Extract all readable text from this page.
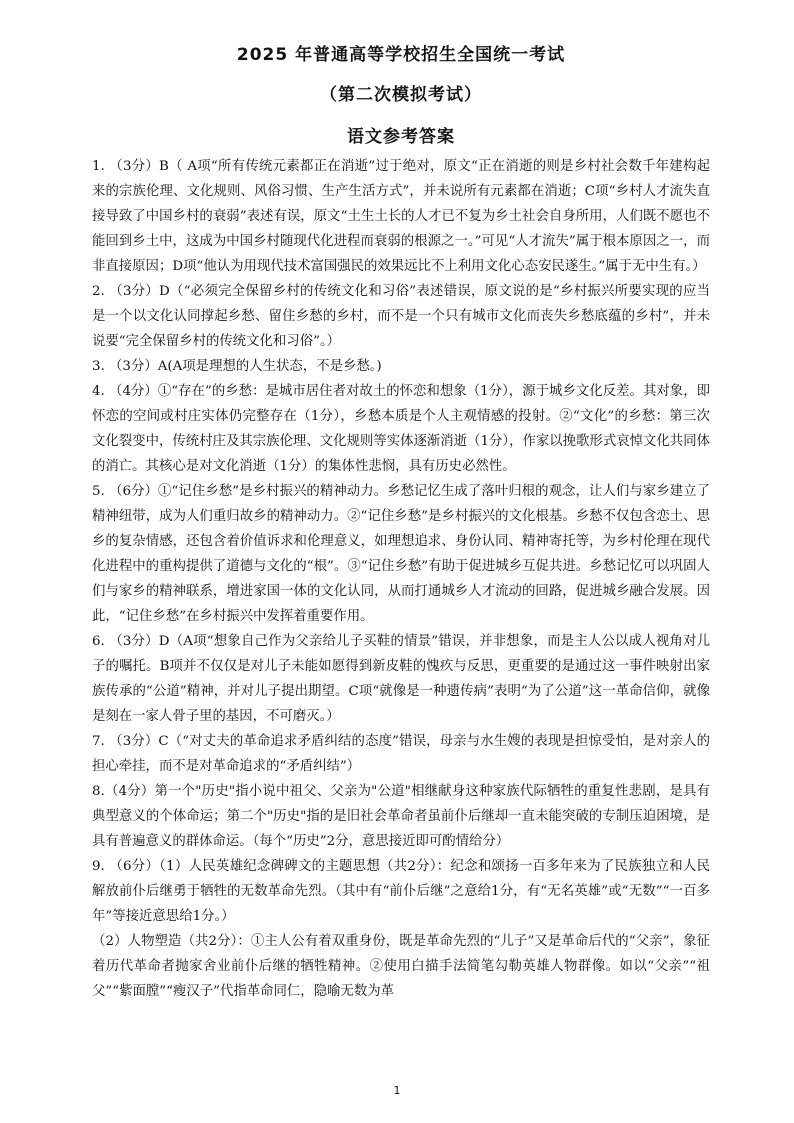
2025 年普通高等学校招生全国统一考试
（第二次模拟考试）
语文参考答案

1. （3分）B（ A项“所有传统元素都正在消逝”过于绝对，原文“正在消逝的则是乡村社会数千年建构起来的宗族伦理、文化规则、风俗习惯、生产生活方式”，并未说所有元素都在消逝；C项“乡村人才流失直接导致了中国乡村的衰弱”表述有误，原文“土生土长的人才已不复为乡土社会自身所用，人们既不愿也不能回到乡土中，这成为中国乡村随现代化进程而衰弱的根源之一。”可见“人才流失”属于根本原因之一，而非直接原因；D项“他认为用现代技术富国强民的效果远比不上利用文化心态安民遂生。”属于无中生有。）

2. （3分）D（“必须完全保留乡村的传统文化和习俗”表述错误，原文说的是“乡村振兴所要实现的应当是一个以文化认同撑起乡愁、留住乡愁的乡村，而不是一个只有城市文化而丧失乡愁底蕴的乡村”，并未说要“完全保留乡村的传统文化和习俗”。）

3. （3分）A(A项是理想的人生状态，不是乡愁。)

4. （4分）①“存在”的乡愁：是城市居住者对故土的怀恋和想象（1分），源于城乡文化反差。其对象，即怀恋的空间或村庄实体仍完整存在（1分），乡愁本质是个人主观情感的投射。②“文化”的乡愁：第三次文化裂变中，传统村庄及其宗族伦理、文化规则等实体逐渐消逝（1分），作家以挽歌形式哀悼文化共同体的消亡。其核心是对文化消逝（1分）的集体性悲悯，具有历史必然性。

5. （6分）①“记住乡愁”是乡村振兴的精神动力。乡愁记忆生成了落叶归根的观念，让人们与家乡建立了精神纽带，成为人们重归故乡的精神动力。②“记住乡愁”是乡村振兴的文化根基。乡愁不仅包含恋土、思乡的复杂情感，还包含着价值诉求和伦理意义，如理想追求、身份认同、精神寄托等，为乡村伦理在现代化进程中的重构提供了道德与文化的“根”。③“记住乡愁”有助于促进城乡互促共进。乡愁记忆可以巩固人们与家乡的精神联系，增进家国一体的文化认同，从而打通城乡人才流动的回路，促进城乡融合发展。因此，“记住乡愁”在乡村振兴中发挥着重要作用。

6. （3分）D（A项“想象自己作为父亲给儿子买鞋的情景”错误，并非想象，而是主人公以成人视角对儿子的嘱托。B项并不仅仅是对儿子未能如愿得到新皮鞋的愧疚与反思，更重要的是通过这一事件映射出家族传承的“公道”精神，并对儿子提出期望。C项“就像是一种遗传病”表明“为了公道”这一革命信仰，就像是刻在一家人骨子里的基因，不可磨灭。）

7. （3分）C（“对丈夫的革命追求矛盾纠结的态度”错误，母亲与水生嫂的表现是担惊受怕，是对亲人的担心牵挂，而不是对革命追求的“矛盾纠结”）

8.（4分）第一个"历史"指小说中祖父、父亲为"公道"相继献身这种家族代际牺牲的重复性悲剧，是具有典型意义的个体命运；第二个"历史"指的是旧社会革命者虽前仆后继却一直未能突破的专制压迫困境，是具有普遍意义的群体命运。（每个“历史”2分，意思接近即可酌情给分）

9. （6分）（1）人民英雄纪念碑碑文的主题思想（共2分）：纪念和颂扬一百多年来为了民族独立和人民解放前仆后继勇于牺牲的无数革命先烈。（其中有“前仆后继”之意给1分，有“无名英雄”或“无数”“一百多年”等接近意思给1分。）

（2）人物塑造（共2分）：①主人公有着双重身份，既是革命先烈的“儿子”又是革命后代的“父亲”，象征着历代革命者抛家舍业前仆后继的牺牲精神。②使用白描手法简笔勾勒英雄人物群像。如以“父亲”“祖父”“紫面膛”“瘦汉子”代指革命同仁，隐喻无数为革

1
